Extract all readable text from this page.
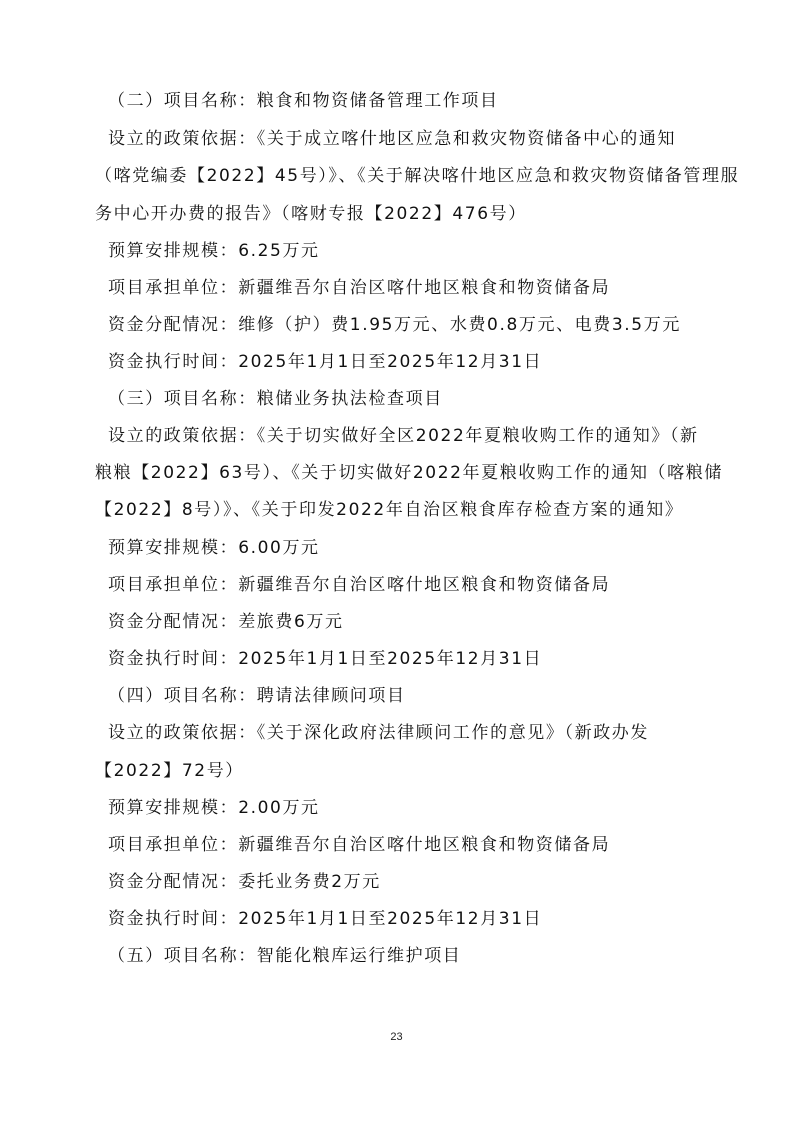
（二）项目名称：粮食和物资储备管理工作项目
设立的政策依据：《关于成立喀什地区应急和救灾物资储备中心的通知
（喀党编委【2022】45号）》、《关于解决喀什地区应急和救灾物资储备管理服
务中心开办费的报告》（喀财专报【2022】476号）
预算安排规模：6.25万元
项目承担单位：新疆维吾尔自治区喀什地区粮食和物资储备局
资金分配情况：维修（护）费1.95万元、水费0.8万元、电费3.5万元
资金执行时间：2025年1月1日至2025年12月31日
（三）项目名称：粮储业务执法检查项目
设立的政策依据：《关于切实做好全区2022年夏粮收购工作的通知》（新
粮粮【2022】63号）、《关于切实做好2022年夏粮收购工作的通知（喀粮储
【2022】8号）》、《关于印发2022年自治区粮食库存检查方案的通知》
预算安排规模：6.00万元
项目承担单位：新疆维吾尔自治区喀什地区粮食和物资储备局
资金分配情况：差旅费6万元
资金执行时间：2025年1月1日至2025年12月31日
（四）项目名称：聘请法律顾问项目
设立的政策依据：《关于深化政府法律顾问工作的意见》（新政办发
【2022】72号）
预算安排规模：2.00万元
项目承担单位：新疆维吾尔自治区喀什地区粮食和物资储备局
资金分配情况：委托业务费2万元
资金执行时间：2025年1月1日至2025年12月31日
（五）项目名称：智能化粮库运行维护项目
23
